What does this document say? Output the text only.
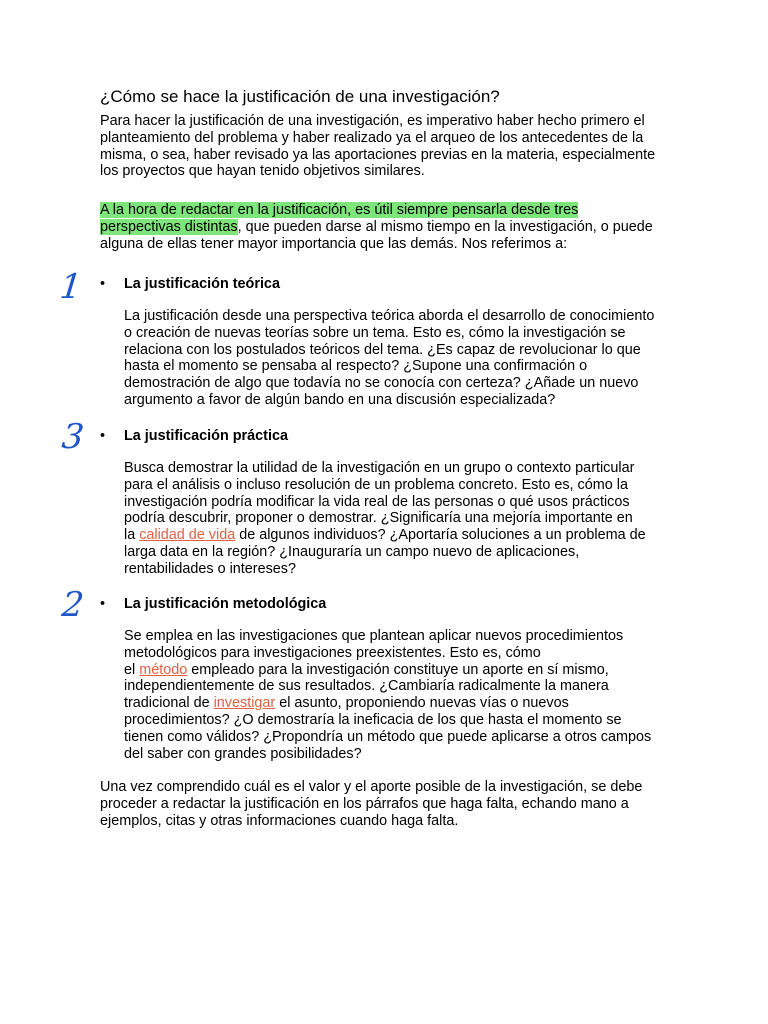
¿Cómo se hace la justificación de una investigación?

Para hacer la justificación de una investigación, es imperativo haber hecho primero el
planteamiento del problema y haber realizado ya el arqueo de los antecedentes de la
misma, o sea, haber revisado ya las aportaciones previas en la materia, especialmente
los proyectos que hayan tenido objetivos similares.

A la hora de redactar en la justificación, es útil siempre pensarla desde tres
perspectivas distintas, que pueden darse al mismo tiempo en la investigación, o puede
alguna de ellas tener mayor importancia que las demás. Nos referimos a:

1 • La justificación teórica

La justificación desde una perspectiva teórica aborda el desarrollo de conocimiento
o creación de nuevas teorías sobre un tema. Esto es, cómo la investigación se
relaciona con los postulados teóricos del tema. ¿Es capaz de revolucionar lo que
hasta el momento se pensaba al respecto? ¿Supone una confirmación o
demostración de algo que todavía no se conocía con certeza? ¿Añade un nuevo
argumento a favor de algún bando en una discusión especializada?

3 • La justificación práctica

Busca demostrar la utilidad de la investigación en un grupo o contexto particular
para el análisis o incluso resolución de un problema concreto. Esto es, cómo la
investigación podría modificar la vida real de las personas o qué usos prácticos
podría descubrir, proponer o demostrar. ¿Significaría una mejoría importante en
la calidad de vida de algunos individuos? ¿Aportaría soluciones a un problema de
larga data en la región? ¿Inauguraría un campo nuevo de aplicaciones,
rentabilidades o intereses?

2 • La justificación metodológica

Se emplea en las investigaciones que plantean aplicar nuevos procedimientos
metodológicos para investigaciones preexistentes. Esto es, cómo
el método empleado para la investigación constituye un aporte en sí mismo,
independientemente de sus resultados. ¿Cambiaría radicalmente la manera
tradicional de investigar el asunto, proponiendo nuevas vías o nuevos
procedimientos? ¿O demostraría la ineficacia de los que hasta el momento se
tienen como válidos? ¿Propondría un método que puede aplicarse a otros campos
del saber con grandes posibilidades?

Una vez comprendido cuál es el valor y el aporte posible de la investigación, se debe
proceder a redactar la justificación en los párrafos que haga falta, echando mano a
ejemplos, citas y otras informaciones cuando haga falta.
